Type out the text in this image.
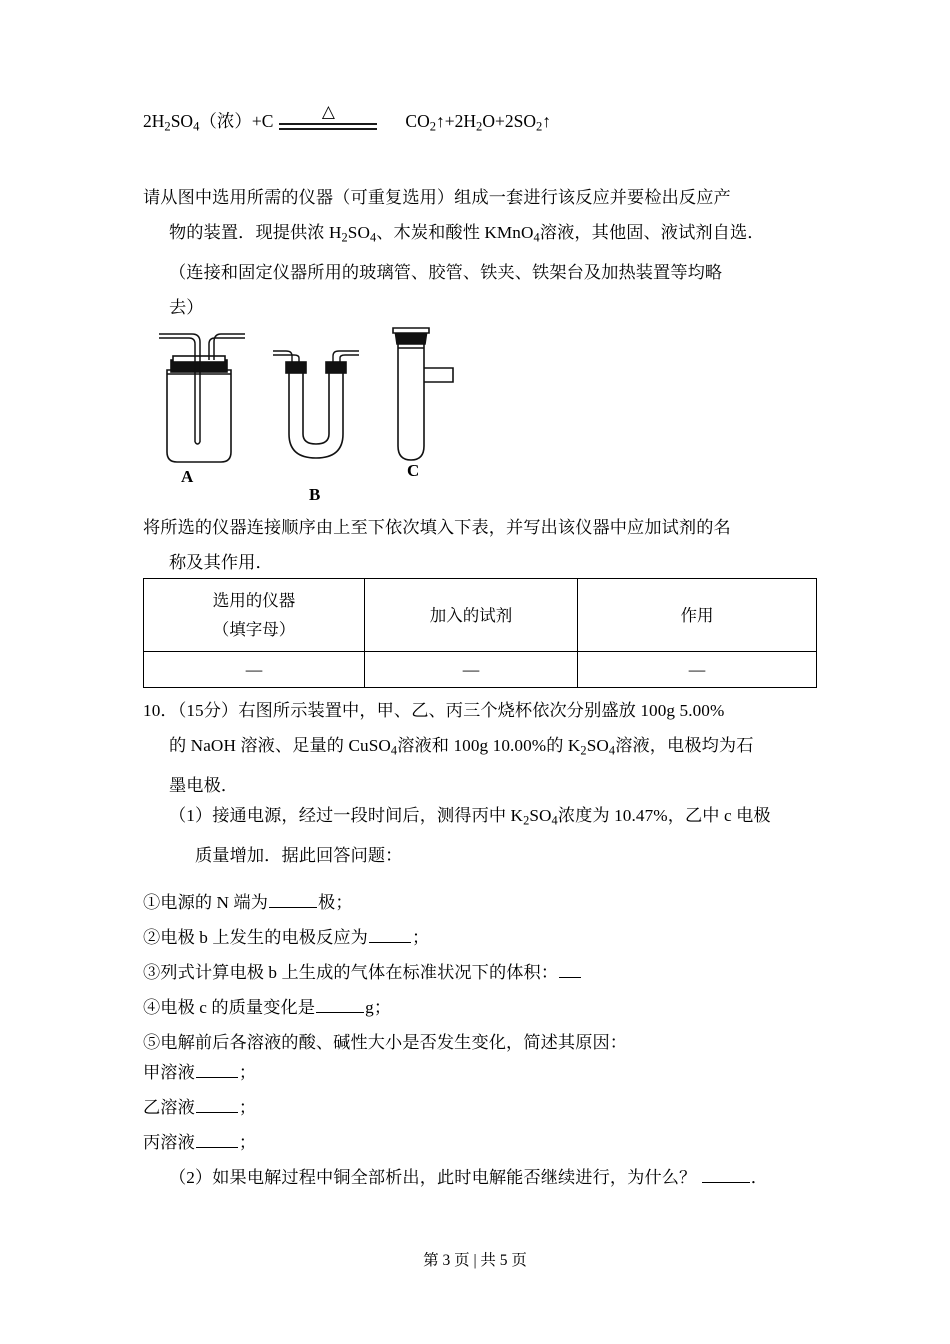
$2H_2SO_4$（浓）+C	△	$CO_2↑+2H_2O+2SO_2↑$
请从图中选用所需的仪器（可重复选用）组成一套进行该反应并要检出反应产
物的装置．现提供浓 $H_2SO_4$、木炭和酸性 KMnO$_4$溶液，其他固、液试剂自选．
（连接和固定仪器所用的玻璃管、胶管、铁夹、铁架台及加热装置等均略
去）
A
B
C
将所选的仪器连接顺序由上至下依次填入下表，并写出该仪器中应加试剂的名
称及其作用．
选用的仪器
（填字母）	加入的试剂	作用
—	—	—
10．（15分）右图所示装置中，甲、乙、丙三个烧杯依次分别盛放 100g 5.00%
的 NaOH 溶液、足量的 CuSO$_4$溶液和 100g 10.00%的 $K_2SO_4$溶液，电极均为石
墨电极．
（1）接通电源，经过一段时间后，测得丙中 $K_2SO_4$浓度为 10.47%，乙中 c 电极
质量增加．据此回答问题：
①电源的 N 端为	极；
②电极 b 上发生的电极反应为	；
③列式计算电极 b 上生成的气体在标准状况下的体积：
④电极 c 的质量变化是	g；
⑤电解前后各溶液的酸、碱性大小是否发生变化，简述其原因：
甲溶液	；
乙溶液	；
丙溶液	；
（2）如果电解过程中铜全部析出，此时电解能否继续进行，为什么？	．
第 3 页 | 共 5 页
